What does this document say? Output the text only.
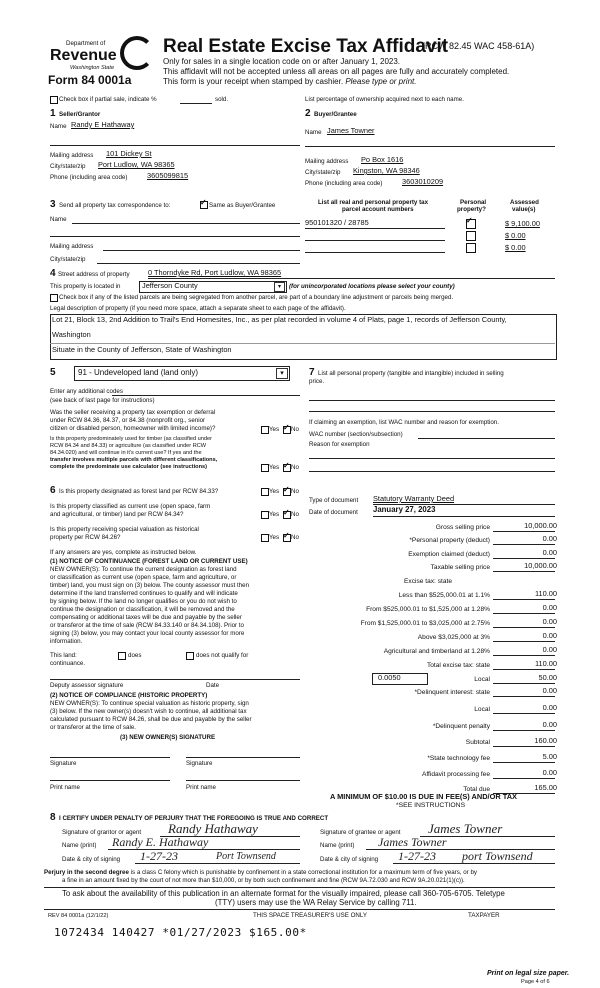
Department of
Revenue
Washington State
Form 84 0001a
Real Estate Excise Tax Affidavit
(RCW 82.45 WAC 458-61A)
Only for sales in a single location code on or after January 1, 2023.
This affidavit will not be accepted unless all areas on all pages are fully and accurately completed.
This form is your receipt when stamped by cashier. Please type or print.
Check box if partial sale, indicate %	sold.	List percentage of ownership acquired next to each name.
1 Seller/Grantor
Name Randy E Hathaway
Mailing address 101 Dickey St
City/state/zip Port Ludlow, WA 98365
Phone (including area code)	3605099815
2 Buyer/Grantee
Name James Towner
Mailing address Po Box 1616
City/state/zip Kingston, WA 98346
Phone (including area code)	3603010209
3 Send all property tax correspondence to: ✓	Same as Buyer/Grantee
Name
Mailing address
City/state/zip
List all real and personal property tax
parcel account numbers
Personal
property?
Assessed
value(s)
950101320 / 28785 ✓	$ 9,100.00
$ 0.00
$ 0.00
4 Street address of property 0 Thorndyke Rd, Port Ludlow, WA 98365
This property is located in	Jefferson County	▾	(for unincorporated locations please select your county)
Check box if any of the listed parcels are being segregated from another parcel, are part of a boundary line adjustment or parcels being merged.
Legal description of property (if you need more space, attach a separate sheet to each page of the affidavit).
Lot 21, Block 13, 2nd Addition to Trail's End Homesites, Inc., as per plat recorded in volume 4 of Plats, page 1, records of Jefferson County,
Washington
Situate in the County of Jefferson, State of Washington
5	91 - Undeveloped land (land only)	▾
Enter any additional codes
(see back of last page for instructions)
Was the seller receiving a property tax exemption or deferral
under RCW 84.36, 84.37, or 84.38 (nonprofit org., senior
citizen or disabled person, homeowner with limited income)?	Yes ✓ No
Is this property predominately used for timber (as classified under
RCW 84.34 and 84.33) or agriculture (as classified under RCW
84.34.020) and will continue in it's current use? If yes and the
transfer involves multiple parcels with different classifications,
complete the predominate use calculator (see instructions)	Yes ✓ No
6 Is this property designated as forest land per RCW 84.33?	Yes ✓ No
Is this property classified as current use (open space, farm
and agricultural, or timber) land per RCW 84.34?	Yes ✓ No
Is this property receiving special valuation as historical
property per RCW 84.26?	Yes ✓ No
If any answers are yes, complete as instructed below.
(1) NOTICE OF CONTINUANCE (FOREST LAND OR CURRENT USE)
NEW OWNER(S): To continue the current designation as forest land
or classification as current use (open space, farm and agriculture, or
timber) land, you must sign on (3) below. The county assessor must then
determine if the land transferred continues to qualify and will indicate
by signing below. If the land no longer qualifies or you do not wish to
continue the designation or classification, it will be removed and the
compensating or additional taxes will be due and payable by the seller
or transferor at the time of sale (RCW 84.33.140 or 84.34.108). Prior to
signing (3) below, you may contact your local county assessor for more
information.
This land:	does	does not qualify for
continuance.
Deputy assessor signature	Date
(2) NOTICE OF COMPLIANCE (HISTORIC PROPERTY)
NEW OWNER(S): To continue special valuation as historic property, sign
(3) below. If the new owner(s) doesn't wish to continue, all additional tax
calculated pursuant to RCW 84.26, shall be due and payable by the seller
or transferor at the time of sale.
(3) NEW OWNER(S) SIGNATURE
Signature	Signature
Print name	Print name
7 List all personal property (tangible and intangible) included in selling
price.
If claiming an exemption, list WAC number and reason for exemption.
WAC number (section/subsection)
Reason for exemption
Type of document Statutory Warranty Deed
Date of document January 27, 2023
Gross selling price	10,000.00
*Personal property (deduct)	0.00
Exemption claimed (deduct)	0.00
Taxable selling price	10,000.00
Excise tax: state
Less than $525,000.01 at 1.1%	110.00
From $525,000.01 to $1,525,000 at 1.28%	0.00
From $1,525,000.01 to $3,025,000 at 2.75%	0.00
Above $3,025,000 at 3%	0.00
Agricultural and timberland at 1.28%	0.00
Total excise tax: state	110.00
0.0050	Local	50.00
*Delinquent interest: state	0.00
Local	0.00
*Delinquent penalty	0.00
Subtotal	160.00
*State technology fee	5.00
Affidavit processing fee	0.00
Total due	165.00
A MINIMUM OF $10.00 IS DUE IN FEE(S) AND/OR TAX
*SEE INSTRUCTIONS
8 I CERTIFY UNDER PENALTY OF PERJURY THAT THE FOREGOING IS TRUE AND CORRECT
Signature of grantor or agent
Name (print)
Date & city of signing
Randy Hathaway
Randy E. Hathaway
1-27-23	Port Townsend
Signature of grantee or agent
Name (print)
Date & city of signing
James Towner
James Towner
1-27-23 port Townsend
Perjury in the second degree is a class C felony which is punishable by confinement in a state correctional institution for a maximum term of five years, or by
a fine in an amount fixed by the court of not more than $10,000, or by both such confinement and fine (RCW 9A.72.030 and RCW 9A.20.021(1)(c)).
To ask about the availability of this publication in an alternate format for the visually impaired, please call 360-705-6705. Teletype
(TTY) users may use the WA Relay Service by calling 711.
REV 84 0001a (12/1/22)	THIS SPACE TREASURER'S USE ONLY	TAXPAYER
1072434 140427 *01/27/2023 $165.00*
Print on legal size paper.
Page 4 of 6
